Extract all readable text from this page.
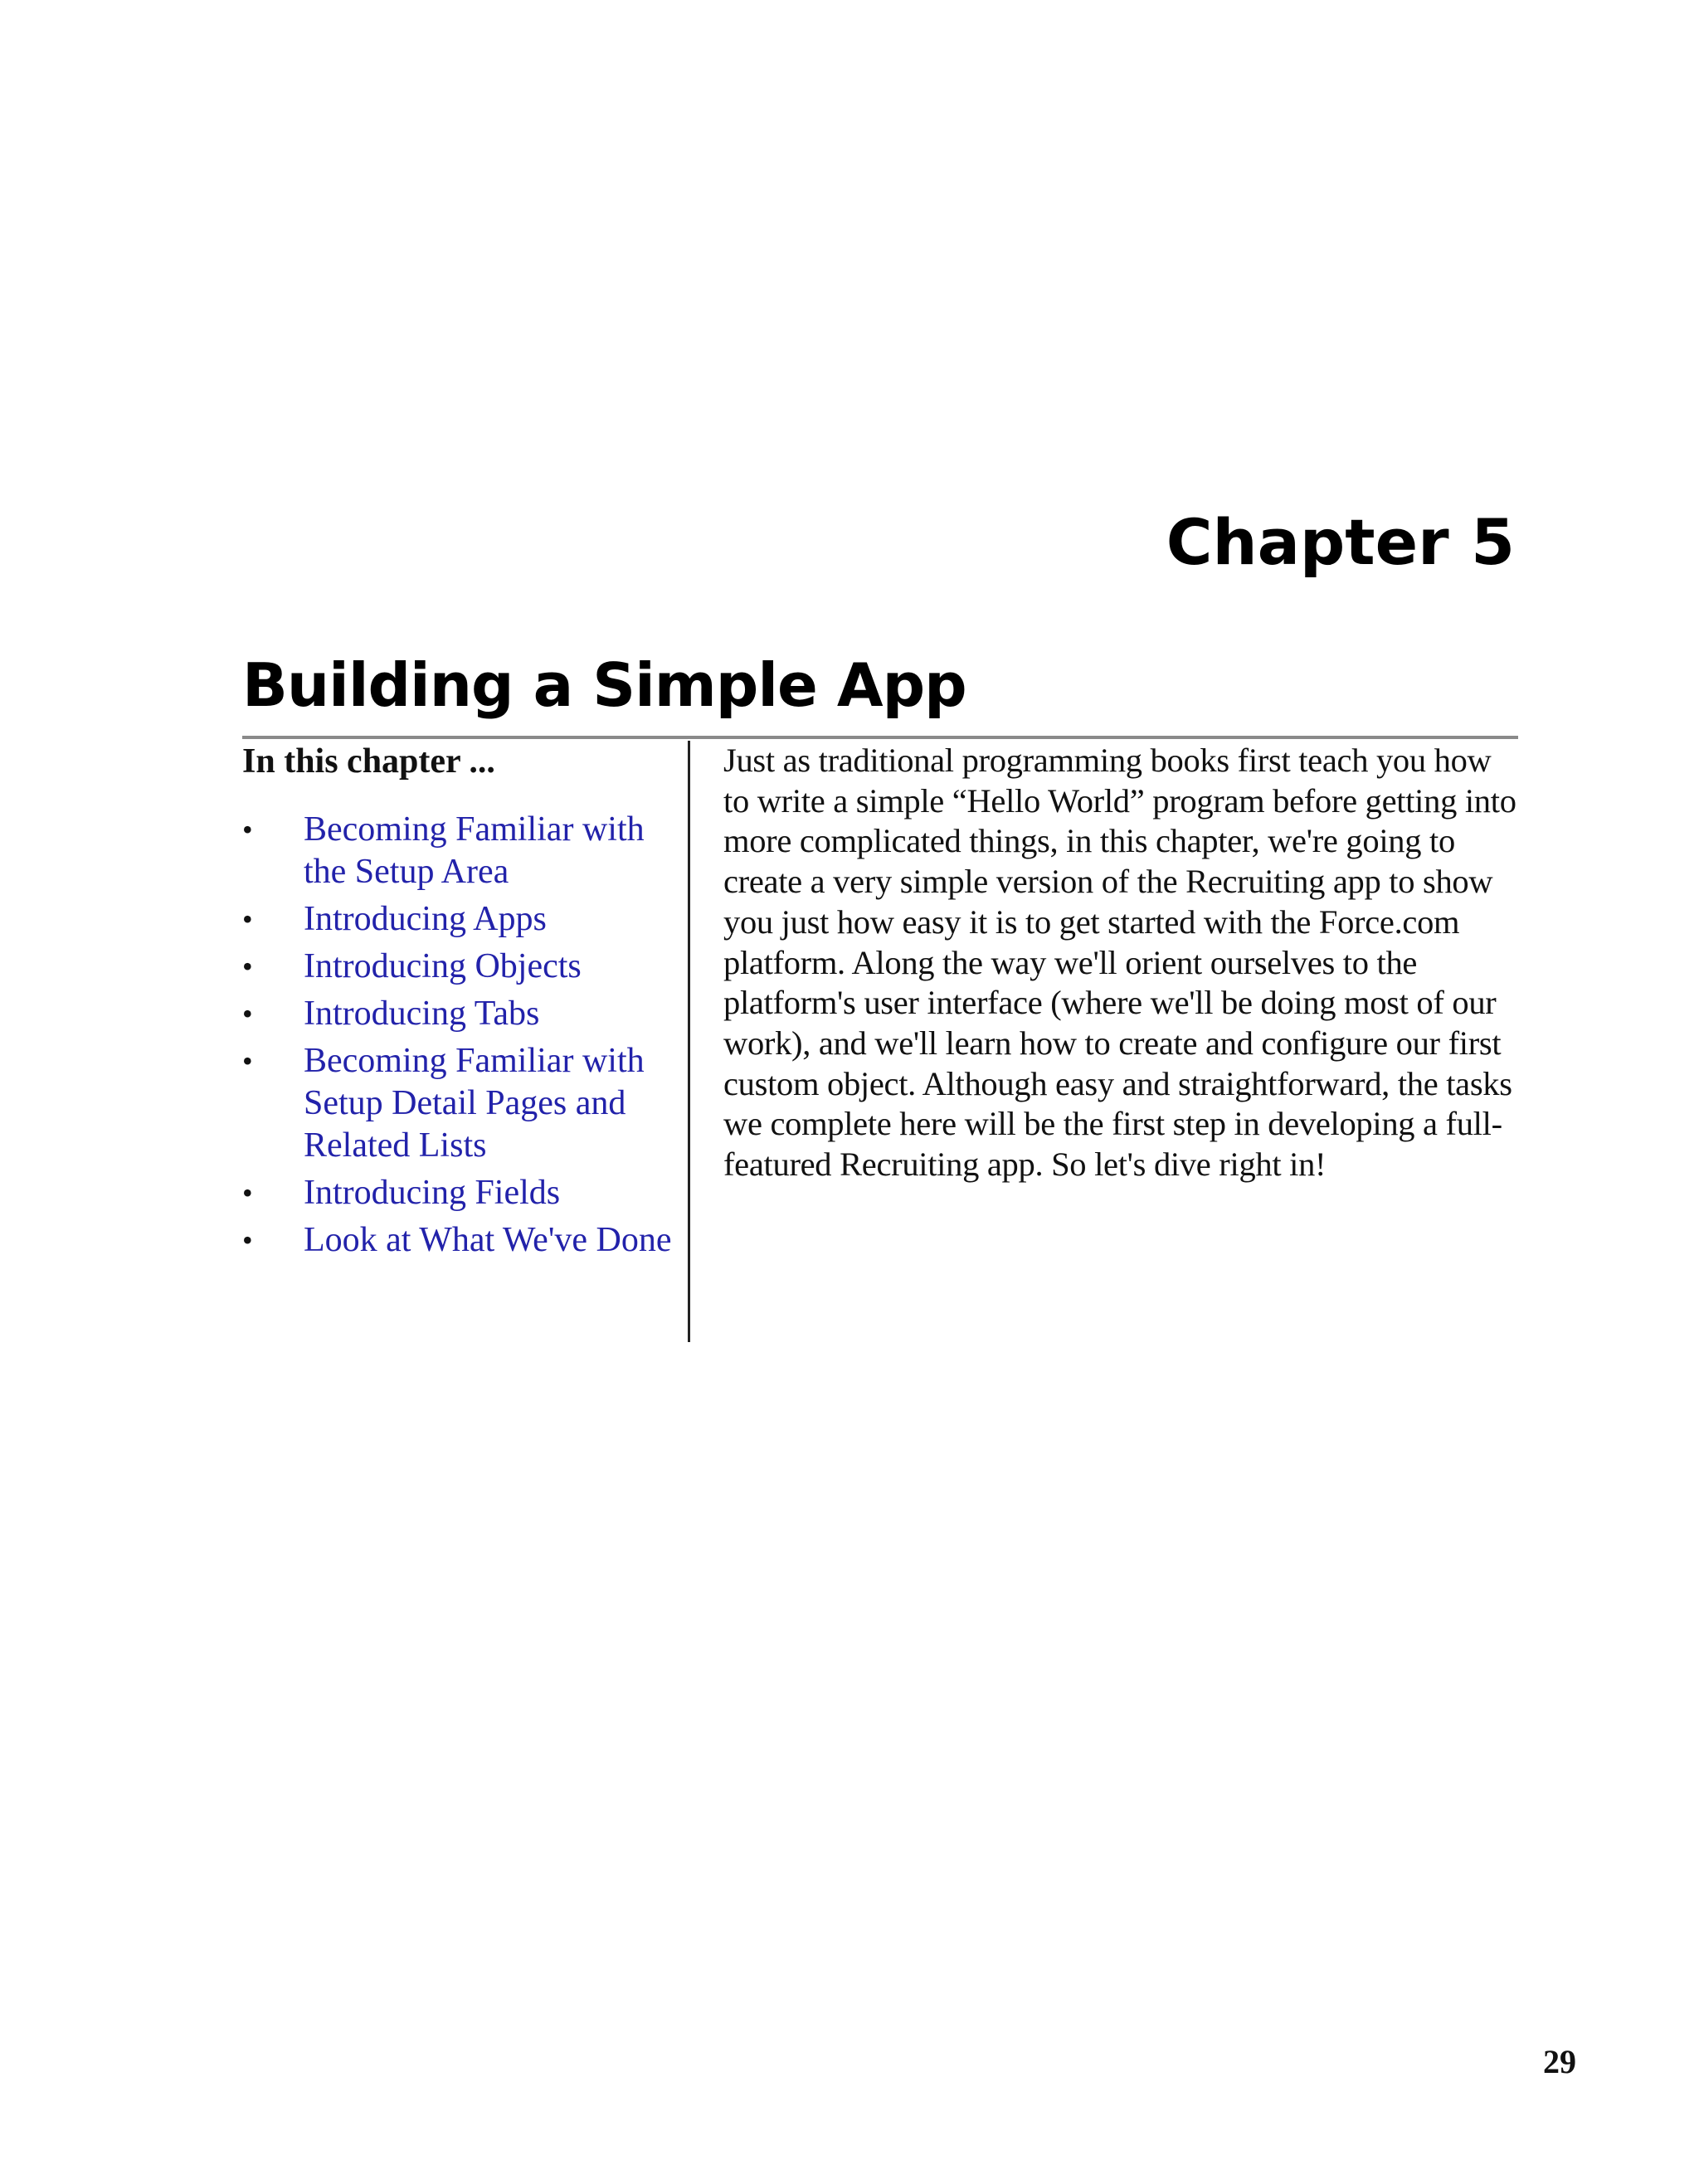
Chapter 5
Building a Simple App

In this chapter ...

• Becoming Familiar with the Setup Area
• Introducing Apps
• Introducing Objects
• Introducing Tabs
• Becoming Familiar with Setup Detail Pages and Related Lists
• Introducing Fields
• Look at What We've Done

Just as traditional programming books first teach you how to write a simple “Hello World” program before getting into more complicated things, in this chapter, we're going to create a very simple version of the Recruiting app to show you just how easy it is to get started with the Force.com platform. Along the way we'll orient ourselves to the platform's user interface (where we'll be doing most of our work), and we'll learn how to create and configure our first custom object. Although easy and straightforward, the tasks we complete here will be the first step in developing a full-featured Recruiting app. So let's dive right in!

29
